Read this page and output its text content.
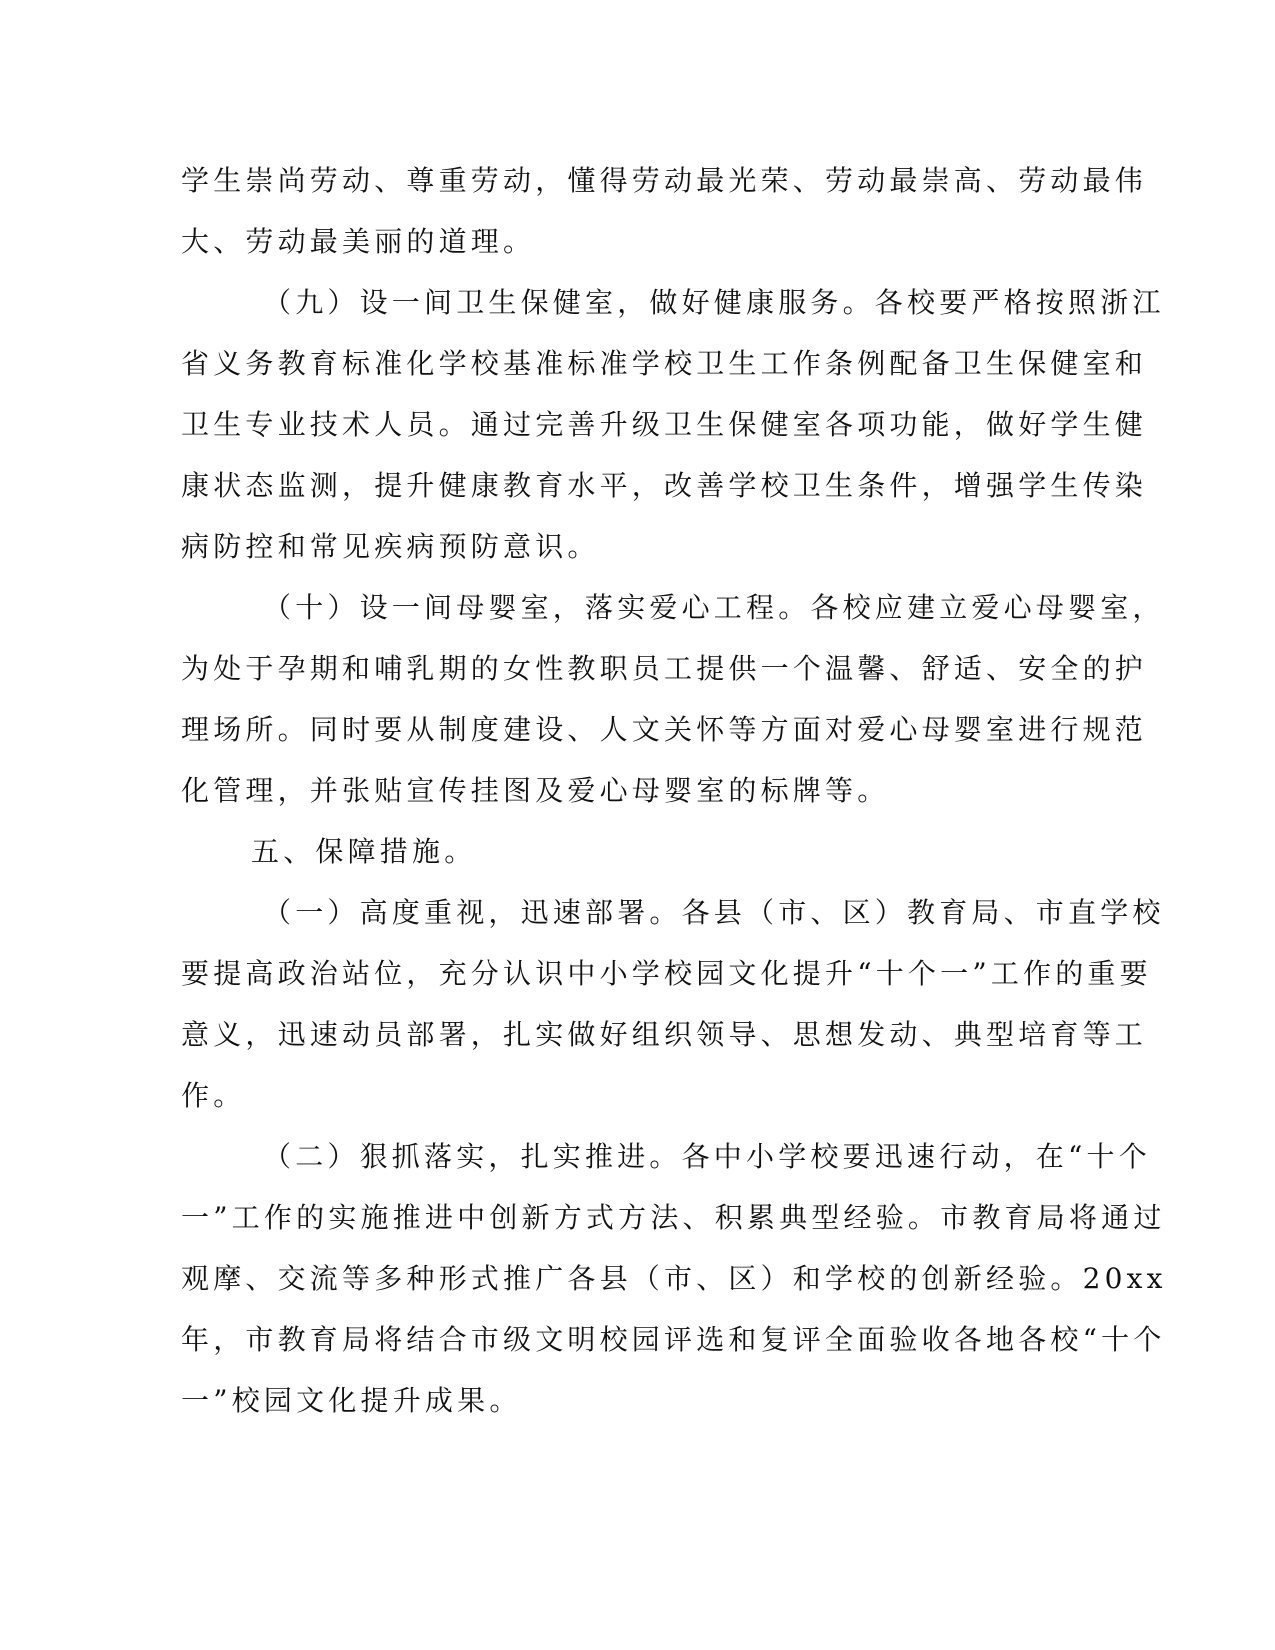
学生崇尚劳动、尊重劳动，懂得劳动最光荣、劳动最崇高、劳动最伟
大、劳动最美丽的道理。
（九）设一间卫生保健室，做好健康服务。各校要严格按照浙江
省义务教育标准化学校基准标准学校卫生工作条例配备卫生保健室和
卫生专业技术人员。通过完善升级卫生保健室各项功能，做好学生健
康状态监测，提升健康教育水平，改善学校卫生条件，增强学生传染
病防控和常见疾病预防意识。
（十）设一间母婴室，落实爱心工程。各校应建立爱心母婴室，
为处于孕期和哺乳期的女性教职员工提供一个温馨、舒适、安全的护
理场所。同时要从制度建设、人文关怀等方面对爱心母婴室进行规范
化管理，并张贴宣传挂图及爱心母婴室的标牌等。
五、保障措施。
（一）高度重视，迅速部署。各县（市、区）教育局、市直学校
要提高政治站位，充分认识中小学校园文化提升“十个一”工作的重要
意义，迅速动员部署，扎实做好组织领导、思想发动、典型培育等工
作。
（二）狠抓落实，扎实推进。各中小学校要迅速行动，在“十个
一”工作的实施推进中创新方式方法、积累典型经验。市教育局将通过
观摩、交流等多种形式推广各县（市、区）和学校的创新经验。20xx
年，市教育局将结合市级文明校园评选和复评全面验收各地各校“十个
一”校园文化提升成果。
